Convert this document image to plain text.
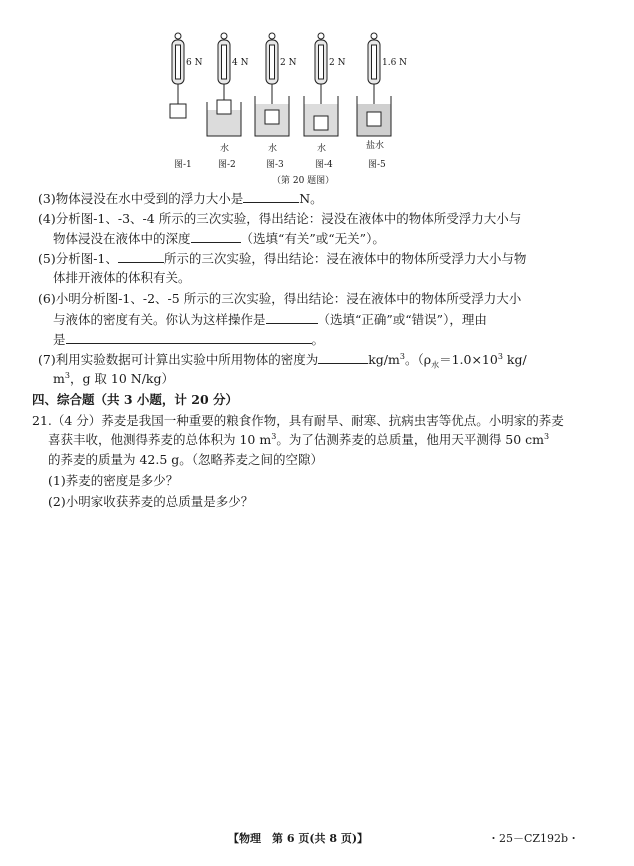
6 N	4 N	2 N	2 N	1.6 N
水	水	水	盐水
图-1	图-2	图-3	图-4	图-5
（第 20 题图）
(3)物体浸没在水中受到的浮力大小是	N。
(4)分析图-1、-3、-4 所示的三次实验，得出结论：浸没在液体中的物体所受浮力大小与
物体浸没在液体中的深度	（选填“有关”或“无关”）。
(5)分析图-1、	所示的三次实验，得出结论：浸在液体中的物体所受浮力大小与物
体排开液体的体积有关。
(6)小明分析图-1、-2、-5 所示的三次实验，得出结论：浸在液体中的物体所受浮力大小
与液体的密度有关。你认为这样操作是	（选填“正确”或“错误”），理由
是	。
(7)利用实验数据可计算出实验中所用物体的密度为	$kg/m^3$。（$\rho_水=1.0\times 10^3$ kg/
$m^3$，g 取 10 N/kg）
四、综合题（共 3 小题，计 20 分）
21.（4 分）荞麦是我国一种重要的粮食作物，具有耐旱、耐寒、抗病虫害等优点。小明家的荞麦
喜获丰收，他测得荞麦的总体积为 10 $m^3$。为了估测荞麦的总质量，他用天平测得 50 $cm^3$
的荞麦的质量为 42.5 g。（忽略荞麦之间的空隙）
(1)荞麦的密度是多少？
(2)小明家收获荞麦的总质量是多少？
【物理　第 6 页(共 8 页)】	・25－CZ192b・
